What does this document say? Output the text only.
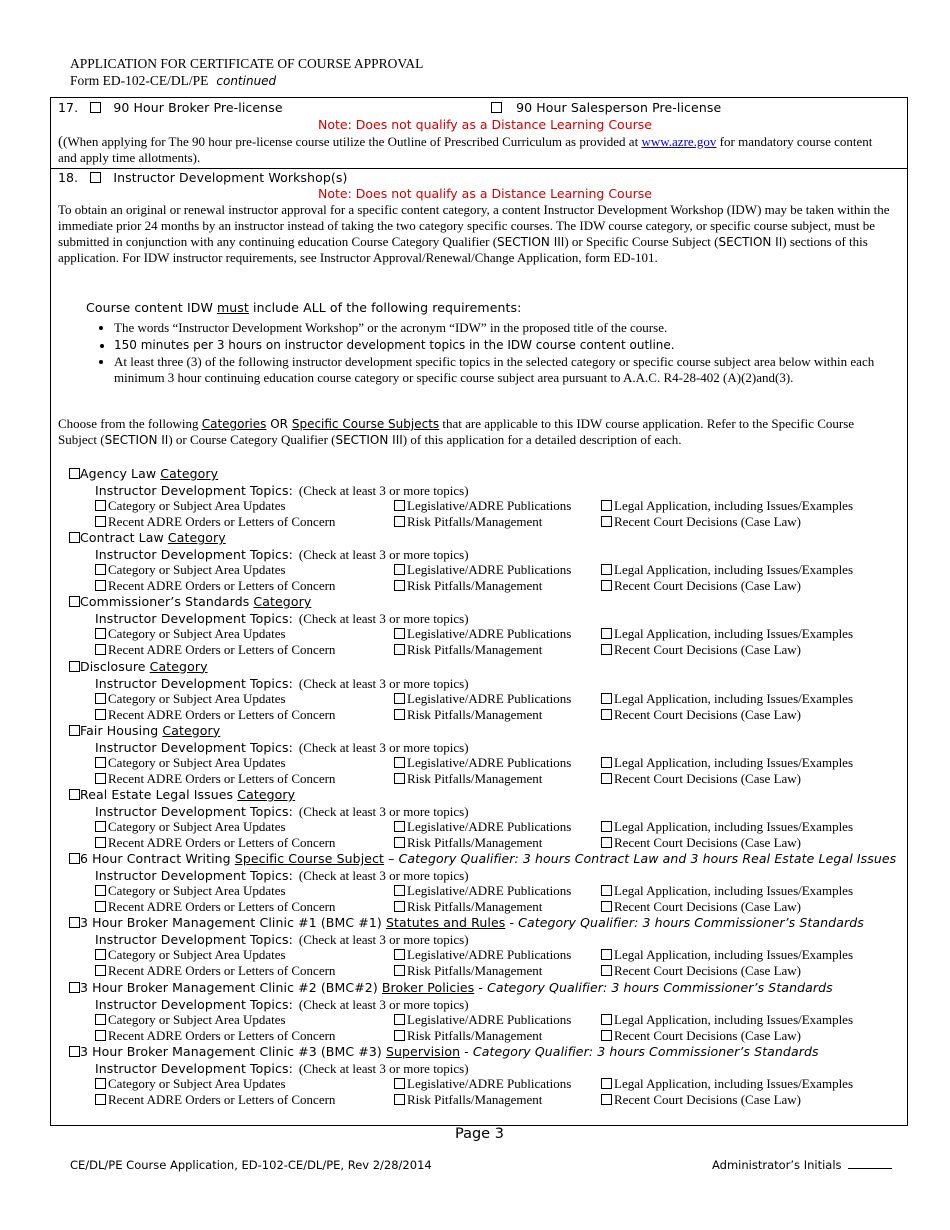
APPLICATION FOR CERTIFICATE OF COURSE APPROVAL
Form ED-102-CE/DL/PE continued
17.	90 Hour Broker Pre-license	90 Hour Salesperson Pre-license
Note: Does not qualify as a Distance Learning Course
((When applying for The 90 hour pre-license course utilize the Outline of Prescribed Curriculum as provided at www.azre.gov for mandatory course content and apply time allotments).
18.	Instructor Development Workshop(s)
Note: Does not qualify as a Distance Learning Course
To obtain an original or renewal instructor approval for a specific content category, a content Instructor Development Workshop (IDW) may be taken within the immediate prior 24 months by an instructor instead of taking the two category specific courses. The IDW course category, or specific course subject, must be submitted in conjunction with any continuing education Course Category Qualifier (SECTION III) or Specific Course Subject (SECTION II) sections of this application. For IDW instructor requirements, see Instructor Approval/Renewal/Change Application, form ED-101.
Course content IDW must include ALL of the following requirements:
• The words “Instructor Development Workshop” or the acronym “IDW” in the proposed title of the course.
• 150 minutes per 3 hours on instructor development topics in the IDW course content outline.
• At least three (3) of the following instructor development specific topics in the selected category or specific course subject area below within each minimum 3 hour continuing education course category or specific course subject area pursuant to A.A.C. R4-28-402 (A)(2)and(3).
Choose from the following Categories OR Specific Course Subjects that are applicable to this IDW course application. Refer to the Specific Course Subject (SECTION II) or Course Category Qualifier (SECTION III) of this application for a detailed description of each.
Agency Law Category
Instructor Development Topics: (Check at least 3 or more topics)
Category or Subject Area Updates	Legislative/ADRE Publications	Legal Application, including Issues/Examples
Recent ADRE Orders or Letters of Concern	Risk Pitfalls/Management	Recent Court Decisions (Case Law)
Contract Law Category
Instructor Development Topics: (Check at least 3 or more topics)
Category or Subject Area Updates	Legislative/ADRE Publications	Legal Application, including Issues/Examples
Recent ADRE Orders or Letters of Concern	Risk Pitfalls/Management	Recent Court Decisions (Case Law)
Commissioner’s Standards Category
Instructor Development Topics: (Check at least 3 or more topics)
Category or Subject Area Updates	Legislative/ADRE Publications	Legal Application, including Issues/Examples
Recent ADRE Orders or Letters of Concern	Risk Pitfalls/Management	Recent Court Decisions (Case Law)
Disclosure Category
Instructor Development Topics: (Check at least 3 or more topics)
Category or Subject Area Updates	Legislative/ADRE Publications	Legal Application, including Issues/Examples
Recent ADRE Orders or Letters of Concern	Risk Pitfalls/Management	Recent Court Decisions (Case Law)
Fair Housing Category
Instructor Development Topics: (Check at least 3 or more topics)
Category or Subject Area Updates	Legislative/ADRE Publications	Legal Application, including Issues/Examples
Recent ADRE Orders or Letters of Concern	Risk Pitfalls/Management	Recent Court Decisions (Case Law)
Real Estate Legal Issues Category
Instructor Development Topics: (Check at least 3 or more topics)
Category or Subject Area Updates	Legislative/ADRE Publications	Legal Application, including Issues/Examples
Recent ADRE Orders or Letters of Concern	Risk Pitfalls/Management	Recent Court Decisions (Case Law)
6 Hour Contract Writing Specific Course Subject – Category Qualifier: 3 hours Contract Law and 3 hours Real Estate Legal Issues
Instructor Development Topics: (Check at least 3 or more topics)
Category or Subject Area Updates	Legislative/ADRE Publications	Legal Application, including Issues/Examples
Recent ADRE Orders or Letters of Concern	Risk Pitfalls/Management	Recent Court Decisions (Case Law)
3 Hour Broker Management Clinic #1 (BMC #1) Statutes and Rules - Category Qualifier: 3 hours Commissioner’s Standards
Instructor Development Topics: (Check at least 3 or more topics)
Category or Subject Area Updates	Legislative/ADRE Publications	Legal Application, including Issues/Examples
Recent ADRE Orders or Letters of Concern	Risk Pitfalls/Management	Recent Court Decisions (Case Law)
3 Hour Broker Management Clinic #2 (BMC#2) Broker Policies - Category Qualifier: 3 hours Commissioner’s Standards
Instructor Development Topics: (Check at least 3 or more topics)
Category or Subject Area Updates	Legislative/ADRE Publications	Legal Application, including Issues/Examples
Recent ADRE Orders or Letters of Concern	Risk Pitfalls/Management	Recent Court Decisions (Case Law)
3 Hour Broker Management Clinic #3 (BMC #3) Supervision - Category Qualifier: 3 hours Commissioner’s Standards
Instructor Development Topics: (Check at least 3 or more topics)
Category or Subject Area Updates	Legislative/ADRE Publications	Legal Application, including Issues/Examples
Recent ADRE Orders or Letters of Concern	Risk Pitfalls/Management	Recent Court Decisions (Case Law)
Page 3
CE/DL/PE Course Application, ED-102-CE/DL/PE, Rev 2/28/2014	Administrator’s Initials
